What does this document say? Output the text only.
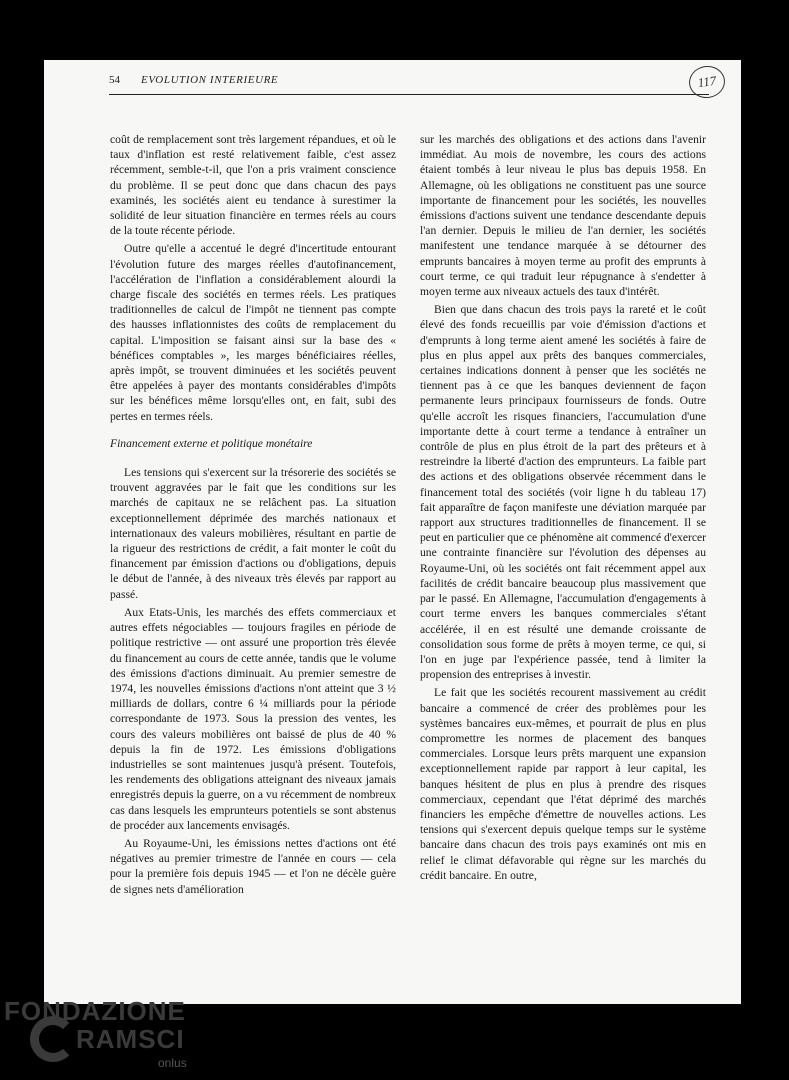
54 EVOLUTION INTERIEURE	117

coût de remplacement sont très largement répandues, et où le taux d'inflation est resté relativement faible, c'est assez récemment, semble-t-il, que l'on a pris vraiment conscience du problème. Il se peut donc que dans chacun des pays examinés, les sociétés aient eu tendance à surestimer la solidité de leur situation financière en termes réels au cours de la toute récente période.

Outre qu'elle a accentué le degré d'incertitude entourant l'évolution future des marges réelles d'autofinancement, l'accélération de l'inflation a considérablement alourdi la charge fiscale des sociétés en termes réels. Les pratiques traditionnelles de calcul de l'impôt ne tiennent pas compte des hausses inflationnistes des coûts de remplacement du capital. L'imposition se faisant ainsi sur la base des « bénéfices comptables », les marges bénéficiaires réelles, après impôt, se trouvent diminuées et les sociétés peuvent être appelées à payer des montants considérables d'impôts sur les bénéfices même lorsqu'elles ont, en fait, subi des pertes en termes réels.

Financement externe et politique monétaire

Les tensions qui s'exercent sur la trésorerie des sociétés se trouvent aggravées par le fait que les conditions sur les marchés de capitaux ne se relâchent pas. La situation exceptionnellement déprimée des marchés nationaux et internationaux des valeurs mobilières, résultant en partie de la rigueur des restrictions de crédit, a fait monter le coût du financement par émission d'actions ou d'obligations, depuis le début de l'année, à des niveaux très élevés par rapport au passé.

Aux Etats-Unis, les marchés des effets commerciaux et autres effets négociables — toujours fragiles en période de politique restrictive — ont assuré une proportion très élevée du financement au cours de cette année, tandis que le volume des émissions d'actions diminuait. Au premier semestre de 1974, les nouvelles émissions d'actions n'ont atteint que 3 ½ milliards de dollars, contre 6 ¼ milliards pour la période correspondante de 1973. Sous la pression des ventes, les cours des valeurs mobilières ont baissé de plus de 40 % depuis la fin de 1972. Les émissions d'obligations industrielles se sont maintenues jusqu'à présent. Toutefois, les rendements des obligations atteignant des niveaux jamais enregistrés depuis la guerre, on a vu récemment de nombreux cas dans lesquels les emprunteurs potentiels se sont abstenus de procéder aux lancements envisagés.

Au Royaume-Uni, les émissions nettes d'actions ont été négatives au premier trimestre de l'année en cours — cela pour la première fois depuis 1945 — et l'on ne décèle guère de signes nets d'amélioration

sur les marchés des obligations et des actions dans l'avenir immédiat. Au mois de novembre, les cours des actions étaient tombés à leur niveau le plus bas depuis 1958. En Allemagne, où les obligations ne constituent pas une source importante de financement pour les sociétés, les nouvelles émissions d'actions suivent une tendance descendante depuis l'an dernier. Depuis le milieu de l'an dernier, les sociétés manifestent une tendance marquée à se détourner des emprunts bancaires à moyen terme au profit des emprunts à court terme, ce qui traduit leur répugnance à s'endetter à moyen terme aux niveaux actuels des taux d'intérêt.

Bien que dans chacun des trois pays la rareté et le coût élevé des fonds recueillis par voie d'émission d'actions et d'emprunts à long terme aient amené les sociétés à faire de plus en plus appel aux prêts des banques commerciales, certaines indications donnent à penser que les sociétés ne tiennent pas à ce que les banques deviennent de façon permanente leurs principaux fournisseurs de fonds. Outre qu'elle accroît les risques financiers, l'accumulation d'une importante dette à court terme a tendance à entraîner un contrôle de plus en plus étroit de la part des prêteurs et à restreindre la liberté d'action des emprunteurs. La faible part des actions et des obligations observée récemment dans le financement total des sociétés (voir ligne h du tableau 17) fait apparaître de façon manifeste une déviation marquée par rapport aux structures traditionnelles de financement. Il se peut en particulier que ce phénomène ait commencé d'exercer une contrainte financière sur l'évolution des dépenses au Royaume-Uni, où les sociétés ont fait récemment appel aux facilités de crédit bancaire beaucoup plus massivement que par le passé. En Allemagne, l'accumulation d'engagements à court terme envers les banques commerciales s'étant accélérée, il en est résulté une demande croissante de consolidation sous forme de prêts à moyen terme, ce qui, si l'on en juge par l'expérience passée, tend à limiter la propension des entreprises à investir.

Le fait que les sociétés recourent massivement au crédit bancaire a commencé de créer des problèmes pour les systèmes bancaires eux-mêmes, et pourrait de plus en plus compromettre les normes de placement des banques commerciales. Lorsque leurs prêts marquent une expansion exceptionnellement rapide par rapport à leur capital, les banques hésitent de plus en plus à prendre des risques commerciaux, cependant que l'état déprimé des marchés financiers les empêche d'émettre de nouvelles actions. Les tensions qui s'exercent depuis quelque temps sur le système bancaire dans chacun des trois pays examinés ont mis en relief le climat défavorable qui règne sur les marchés du crédit bancaire. En outre,

FONDAZIONE
RAMSCI
onlus
